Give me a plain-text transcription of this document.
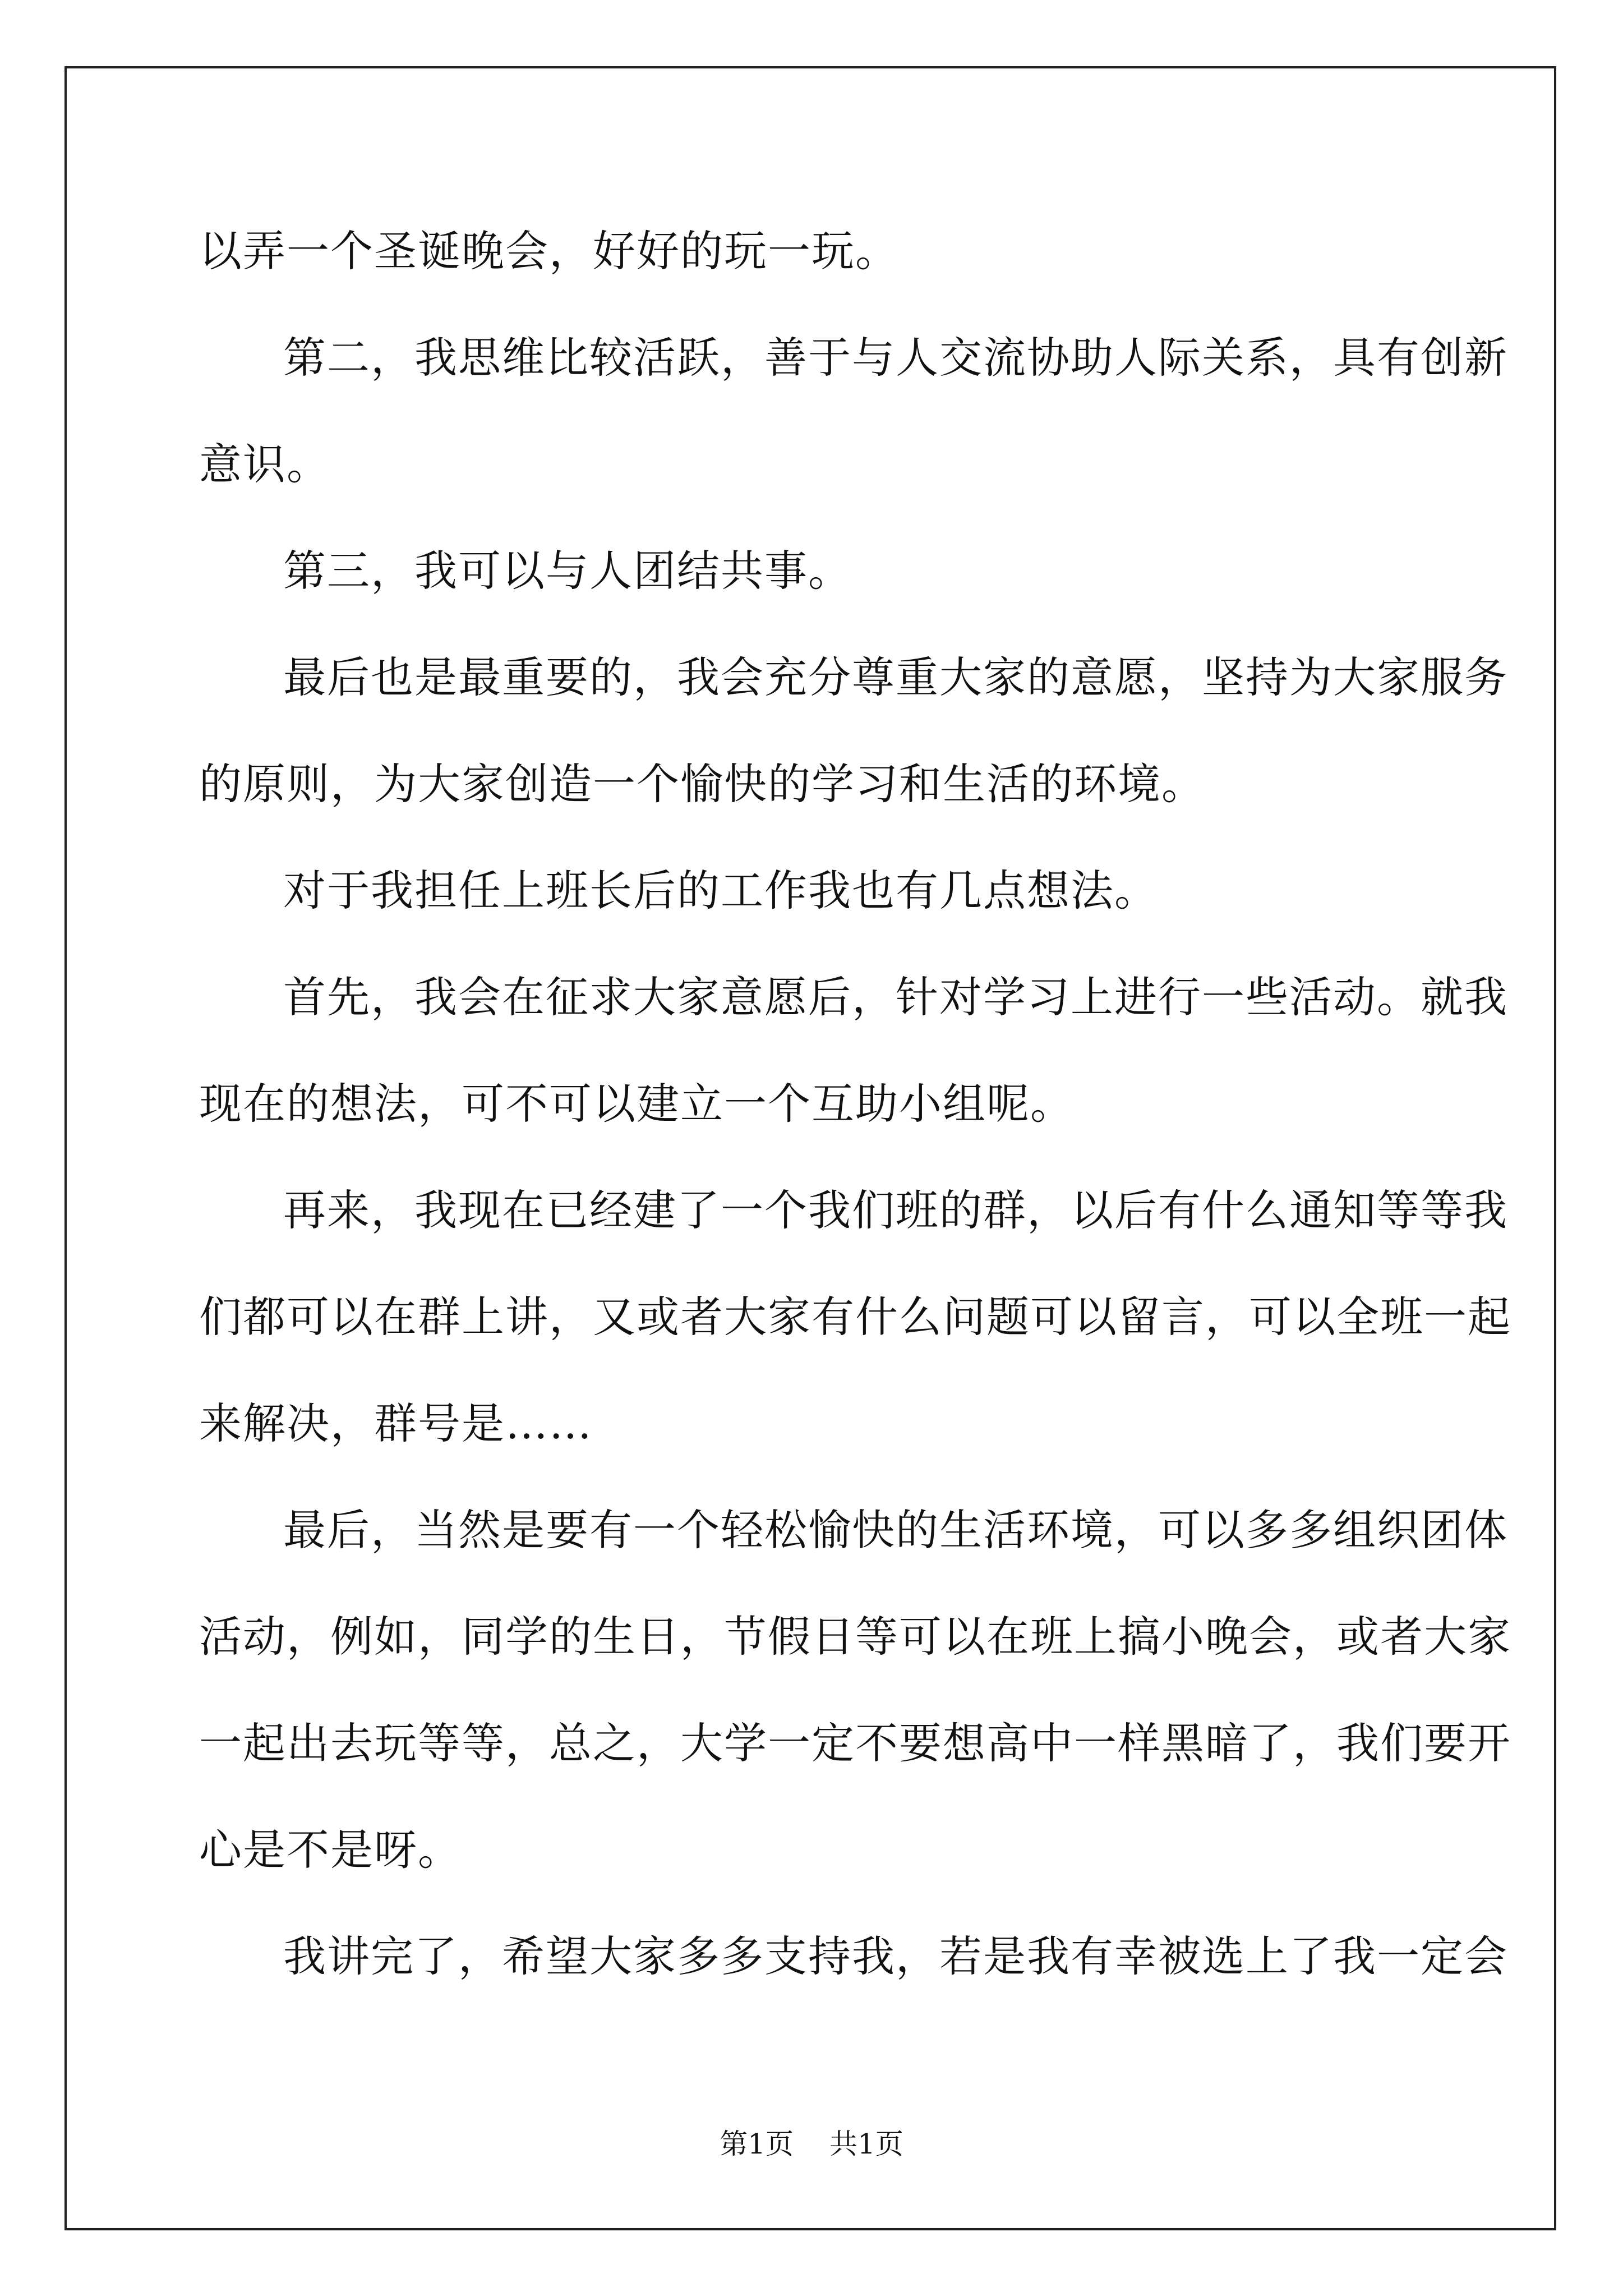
以弄一个圣诞晚会，好好的玩一玩。
第二，我思维比较活跃，善于与人交流协助人际关系，具有创新
意识。
第三，我可以与人团结共事。
最后也是最重要的，我会充分尊重大家的意愿，坚持为大家服务
的原则，为大家创造一个愉快的学习和生活的环境。
对于我担任上班长后的工作我也有几点想法。
首先，我会在征求大家意愿后，针对学习上进行一些活动。就我
现在的想法，可不可以建立一个互助小组呢。
再来，我现在已经建了一个我们班的群，以后有什么通知等等我
们都可以在群上讲，又或者大家有什么问题可以留言，可以全班一起
来解决，群号是……
最后，当然是要有一个轻松愉快的生活环境，可以多多组织团体
活动，例如，同学的生日，节假日等可以在班上搞小晚会，或者大家
一起出去玩等等，总之，大学一定不要想高中一样黑暗了，我们要开
心是不是呀。
我讲完了，希望大家多多支持我，若是我有幸被选上了我一定会
第1页 共1页
